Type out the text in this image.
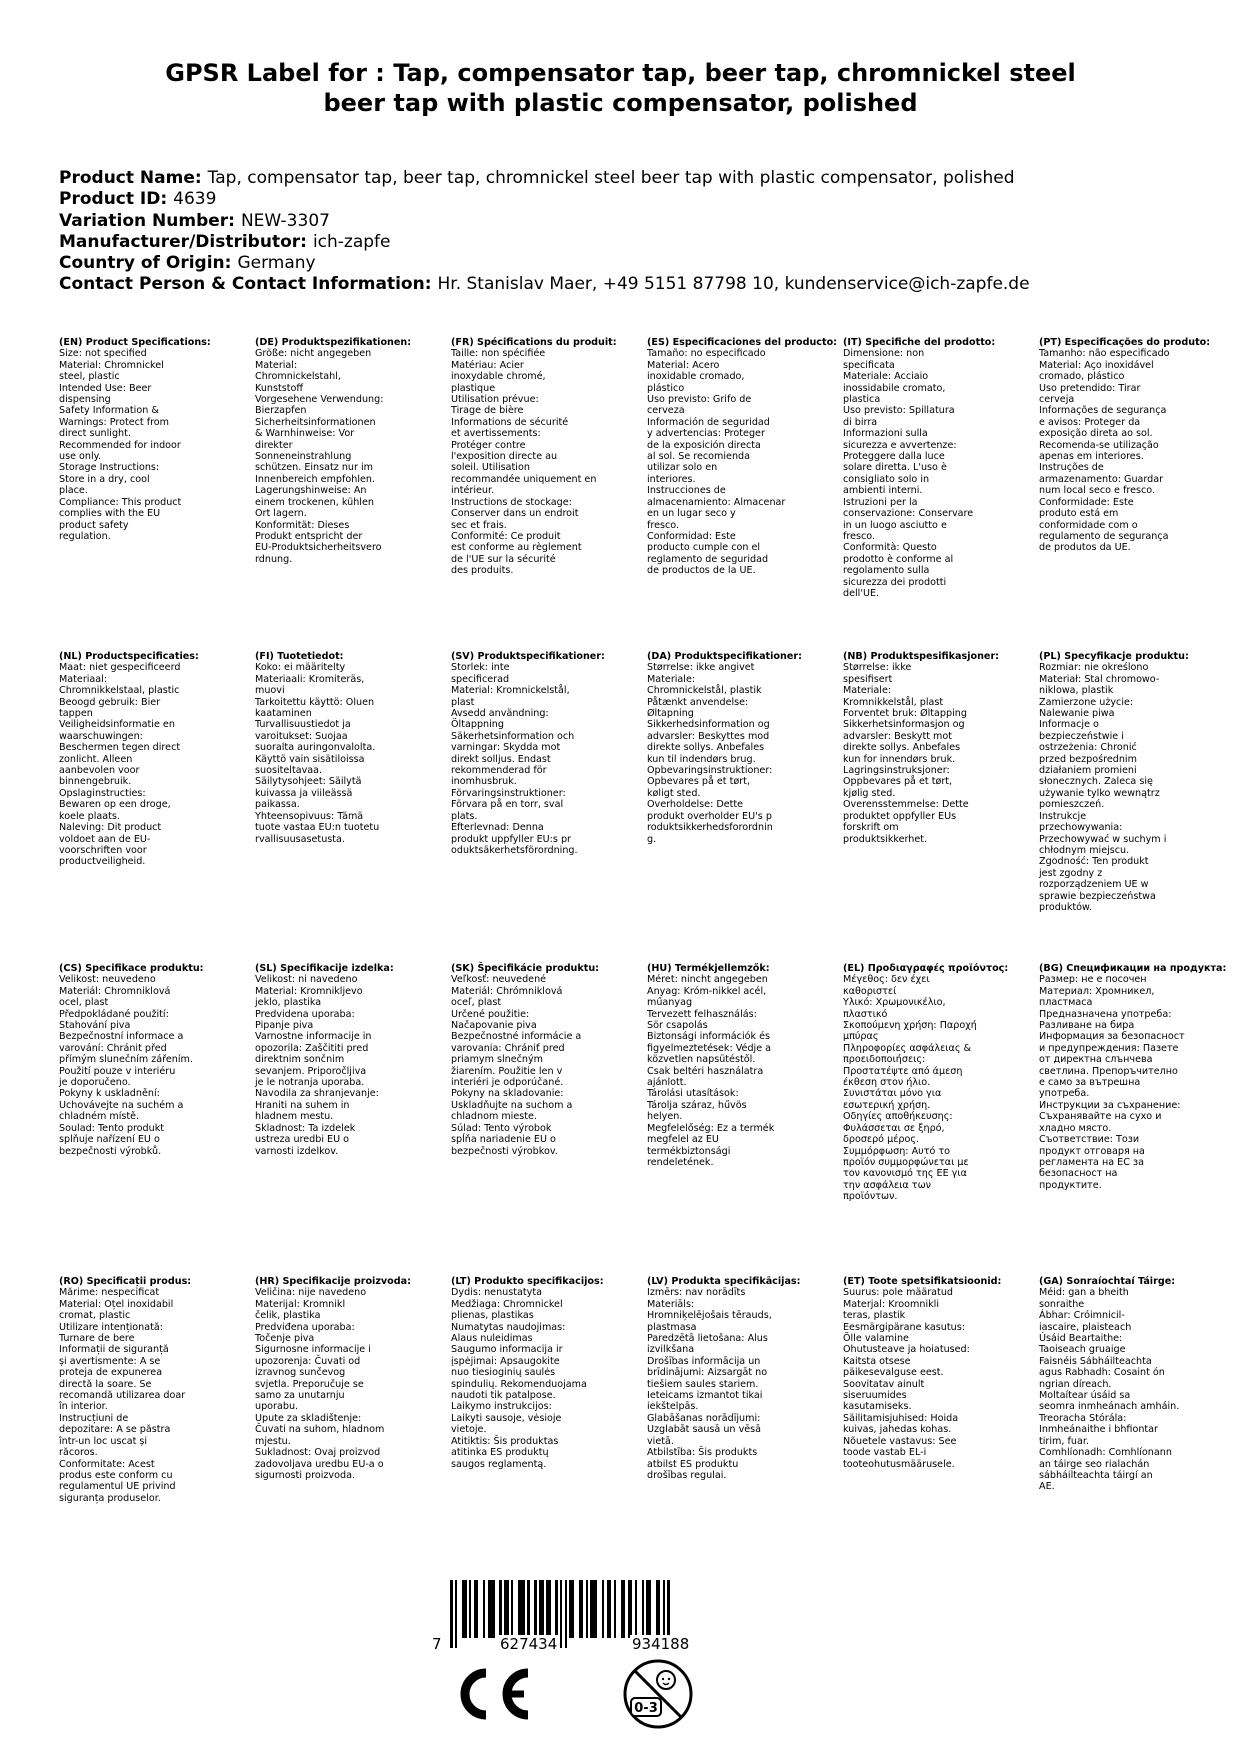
GPSR Label for : Tap, compensator tap, beer tap, chromnickel steel
beer tap with plastic compensator, polished
Product Name: Tap, compensator tap, beer tap, chromnickel steel beer tap with plastic compensator, polished
Product ID: 4639
Variation Number: NEW-3307
Manufacturer/Distributor: ich-zapfe
Country of Origin: Germany
Contact Person & Contact Information: Hr. Stanislav Maer, +49 5151 87798 10, kundenservice@ich-zapfe.de
(EN) Product Specifications:
Size: not specified
Material: Chromnickel
steel, plastic
Intended Use: Beer
dispensing
Safety Information &
Warnings: Protect from
direct sunlight.
Recommended for indoor
use only.
Storage Instructions:
Store in a dry, cool
place.
Compliance: This product
complies with the EU
product safety
regulation.
(DE) Produktspezifikationen:
Größe: nicht angegeben
Material:
Chromnickelstahl,
Kunststoff
Vorgesehene Verwendung:
Bierzapfen
Sicherheitsinformationen
& Warnhinweise: Vor
direkter
Sonneneinstrahlung
schützen. Einsatz nur im
Innenbereich empfohlen.
Lagerungshinweise: An
einem trockenen, kühlen
Ort lagern.
Konformität: Dieses
Produkt entspricht der
EU-Produktsicherheitsvero
rdnung.
(FR) Spécifications du produit:
Taille: non spécifiée
Matériau: Acier
inoxydable chromé,
plastique
Utilisation prévue:
Tirage de bière
Informations de sécurité
et avertissements:
Protéger contre
l'exposition directe au
soleil. Utilisation
recommandée uniquement en
intérieur.
Instructions de stockage:
Conserver dans un endroit
sec et frais.
Conformité: Ce produit
est conforme au règlement
de l'UE sur la sécurité
des produits.
(ES) Especificaciones del producto:
Tamaño: no especificado
Material: Acero
inoxidable cromado,
plástico
Uso previsto: Grifo de
cerveza
Información de seguridad
y advertencias: Proteger
de la exposición directa
al sol. Se recomienda
utilizar solo en
interiores.
Instrucciones de
almacenamiento: Almacenar
en un lugar seco y
fresco.
Conformidad: Este
producto cumple con el
reglamento de seguridad
de productos de la UE.
(IT) Specifiche del prodotto:
Dimensione: non
specificata
Materiale: Acciaio
inossidabile cromato,
plastica
Uso previsto: Spillatura
di birra
Informazioni sulla
sicurezza e avvertenze:
Proteggere dalla luce
solare diretta. L'uso è
consigliato solo in
ambienti interni.
Istruzioni per la
conservazione: Conservare
in un luogo asciutto e
fresco.
Conformità: Questo
prodotto è conforme al
regolamento sulla
sicurezza dei prodotti
dell'UE.
(PT) Especificações do produto:
Tamanho: não especificado
Material: Aço inoxidável
cromado, plástico
Uso pretendido: Tirar
cerveja
Informações de segurança
e avisos: Proteger da
exposição direta ao sol.
Recomenda-se utilização
apenas em interiores.
Instruções de
armazenamento: Guardar
num local seco e fresco.
Conformidade: Este
produto está em
conformidade com o
regulamento de segurança
de produtos da UE.
(NL) Productspecificaties:
Maat: niet gespecificeerd
Materiaal:
Chromnikkelstaal, plastic
Beoogd gebruik: Bier
tappen
Veiligheidsinformatie en
waarschuwingen:
Beschermen tegen direct
zonlicht. Alleen
aanbevolen voor
binnengebruik.
Opslaginstructies:
Bewaren op een droge,
koele plaats.
Naleving: Dit product
voldoet aan de EU-
voorschriften voor
productveiligheid.
(FI) Tuotetiedot:
Koko: ei määritelty
Materiaali: Kromiteräs,
muovi
Tarkoitettu käyttö: Oluen
kaataminen
Turvallisuustiedot ja
varoitukset: Suojaa
suoralta auringonvalolta.
Käyttö vain sisätiloissa
suositeltavaa.
Säilytysohjeet: Säilytä
kuivassa ja viileässä
paikassa.
Yhteensopivuus: Tämä
tuote vastaa EU:n tuotetu
rvallisuusasetusta.
(SV) Produktspecifikationer:
Storlek: inte
specificerad
Material: Kromnickelstål,
plast
Avsedd användning:
Öltappning
Säkerhetsinformation och
varningar: Skydda mot
direkt solljus. Endast
rekommenderad för
inomhusbruk.
Förvaringsinstruktioner:
Förvara på en torr, sval
plats.
Efterlevnad: Denna
produkt uppfyller EU:s pr
oduktsäkerhetsförordning.
(DA) Produktspecifikationer:
Størrelse: ikke angivet
Materiale:
Chromnickelstål, plastik
Påtænkt anvendelse:
Øltapning
Sikkerhedsinformation og
advarsler: Beskyttes mod
direkte sollys. Anbefales
kun til indendørs brug.
Opbevaringsinstruktioner:
Opbevares på et tørt,
køligt sted.
Overholdelse: Dette
produkt overholder EU's p
roduktsikkerhedsforordnin
g.
(NB) Produktspesifikasjoner:
Størrelse: ikke
spesifisert
Materiale:
Kromnikkelstål, plast
Forventet bruk: Øltapping
Sikkerhetsinformasjon og
advarsler: Beskytt mot
direkte sollys. Anbefales
kun for innendørs bruk.
Lagringsinstruksjoner:
Oppbevares på et tørt,
kjølig sted.
Overensstemmelse: Dette
produktet oppfyller EUs
forskrift om
produktsikkerhet.
(PL) Specyfikacje produktu:
Rozmiar: nie określono
Materiał: Stal chromowo-
niklowa, plastik
Zamierzone użycie:
Nalewanie piwa
Informacje o
bezpieczeństwie i
ostrzeżenia: Chronić
przed bezpośrednim
działaniem promieni
słonecznych. Zaleca się
używanie tylko wewnątrz
pomieszczeń.
Instrukcje
przechowywania:
Przechowywać w suchym i
chłodnym miejscu.
Zgodność: Ten produkt
jest zgodny z
rozporządzeniem UE w
sprawie bezpieczeństwa
produktów.
(CS) Specifikace produktu:
Velikost: neuvedeno
Materiál: Chromniklová
ocel, plast
Předpokládané použití:
Stahování piva
Bezpečnostní informace a
varování: Chránit před
přímým slunečním zářením.
Použití pouze v interiéru
je doporučeno.
Pokyny k uskladnění:
Uchovávejte na suchém a
chladném místě.
Soulad: Tento produkt
splňuje nařízení EU o
bezpečnosti výrobků.
(SL) Specifikacije izdelka:
Velikost: ni navedeno
Material: Kromnikljevo
jeklo, plastika
Predvidena uporaba:
Pipanje piva
Varnostne informacije in
opozorila: Zaščititi pred
direktnim sončnim
sevanjem. Priporočljiva
je le notranja uporaba.
Navodila za shranjevanje:
Hraniti na suhem in
hladnem mestu.
Skladnost: Ta izdelek
ustreza uredbi EU o
varnosti izdelkov.
(SK) Špecifikácie produktu:
Veľkosť: neuvedené
Materiál: Chrómniklová
oceľ, plast
Určené použitie:
Načapovanie piva
Bezpečnostné informácie a
varovania: Chrániť pred
priamym slnečným
žiarením. Použitie len v
interiéri je odporúčané.
Pokyny na skladovanie:
Uskladňujte na suchom a
chladnom mieste.
Súlad: Tento výrobok
spĺňa nariadenie EU o
bezpečnosti výrobkov.
(HU) Termékjellemzők:
Méret: nincht angegeben
Anyag: Króm-nikkel acél,
műanyag
Tervezett felhasználás:
Sör csapolás
Biztonsági információk és
figyelmeztetések: Védje a
közvetlen napsütéstől.
Csak beltéri használatra
ajánlott.
Tárolási utasítások:
Tárolja száraz, hűvös
helyen.
Megfelelőség: Ez a termék
megfelel az EU
termékbiztonsági
rendeletének.
(EL) Προδιαγραφές προϊόντος:
Μέγεθος: δεν έχει
καθοριστεί
Υλικό: Χρωμονικέλιο,
πλαστικό
Σκοπούμενη χρήση: Παροχή
μπύρας
Πληροφορίες ασφάλειας &
προειδοποιήσεις:
Προστατέψτε από άμεση
έκθεση στον ήλιο.
Συνιστάται μόνο για
εσωτερική χρήση.
Οδηγίες αποθήκευσης:
Φυλάσσεται σε ξηρό,
δροσερό μέρος.
Συμμόρφωση: Αυτό το
προϊόν συμμορφώνεται με
τον κανονισμό της ΕΕ για
την ασφάλεια των
προϊόντων.
(BG) Спецификации на продукта:
Размер: не е посочен
Материал: Хромникел,
пластмаса
Предназначена употреба:
Разливане на бира
Информация за безопасност
и предупреждения: Пазете
от директна слънчева
светлина. Препоръчително
е само за вътрешна
употреба.
Инструкции за съхранение:
Съхранявайте на сухо и
хладно място.
Съответствие: Този
продукт отговаря на
регламента на ЕС за
безопасност на
продуктите.
(RO) Specificații produs:
Mărime: nespecificat
Material: Oțel inoxidabil
cromat, plastic
Utilizare intenționată:
Turnare de bere
Informații de siguranță
și avertismente: A se
proteja de expunerea
directă la soare. Se
recomandă utilizarea doar
în interior.
Instrucțiuni de
depozitare: A se păstra
într-un loc uscat și
răcoros.
Conformitate: Acest
produs este conform cu
regulamentul UE privind
siguranța produselor.
(HR) Specifikacije proizvoda:
Veličina: nije navedeno
Materijal: Kromnikl
čelik, plastika
Predviđena uporaba:
Točenje piva
Sigurnosne informacije i
upozorenja: Čuvati od
izravnog sunčevog
svjetla. Preporučuje se
samo za unutarnju
uporabu.
Upute za skladištenje:
Čuvati na suhom, hladnom
mjestu.
Sukladnost: Ovaj proizvod
zadovoljava uredbu EU-a o
sigurnosti proizvoda.
(LT) Produkto specifikacijos:
Dydis: nenustatyta
Medžiaga: Chromnickel
plienas, plastikas
Numatytas naudojimas:
Alaus nuleidimas
Saugumo informacija ir
įspėjimai: Apsaugokite
nuo tiesioginių saulės
spindulių. Rekomenduojama
naudoti tik patalpose.
Laikymo instrukcijos:
Laikyti sausoje, vėsioje
vietoje.
Atitiktis: Šis produktas
atitinka ES produktų
saugos reglamentą.
(LV) Produkta specifikācijas:
Izmērs: nav norādīts
Materiāls:
Hromniķelējošais tērauds,
plastmasa
Paredzētā lietošana: Alus
izvilkšana
Drošības informācija un
brīdinājumi: Aizsargāt no
tiešiem saules stariem.
Ieteicams izmantot tikai
iekštelpās.
Glabāšanas norādījumi:
Uzglabāt sausā un vēsā
vietā.
Atbilstība: Šis produkts
atbilst ES produktu
drošības regulai.
(ET) Toote spetsifikatsioonid:
Suurus: pole määratud
Materjal: Kroomnikli
teras, plastik
Eesmärgipärane kasutus:
Õlle valamine
Ohutusteave ja hoiatused:
Kaitsta otsese
päikesevalguse eest.
Soovitatav ainult
siseruumides
kasutamiseks.
Säilitamisjuhised: Hoida
kuivas, jahedas kohas.
Nõuetele vastavus: See
toode vastab EL-i
tooteohutusmäärusele.
(GA) Sonraíochtaí Táirge:
Méid: gan a bheith
sonraithe
Ábhar: Cróimnicil-
iascaire, plaisteach
Úsáid Beartaithe:
Taoiseach gruaige
Faisnéis Sábháilteachta
agus Rabhadh: Cosaint ón
ngrian díreach.
Moltaítear úsáid sa
seomra inmheánach amháin.
Treoracha Stórála:
Inmheánaithe i bhfiontar
tirim, fuar.
Comhlíonadh: Comhlíonann
an táirge seo rialachán
sábháilteachta táirgí an
AE.
7	627434	934188
0-3
